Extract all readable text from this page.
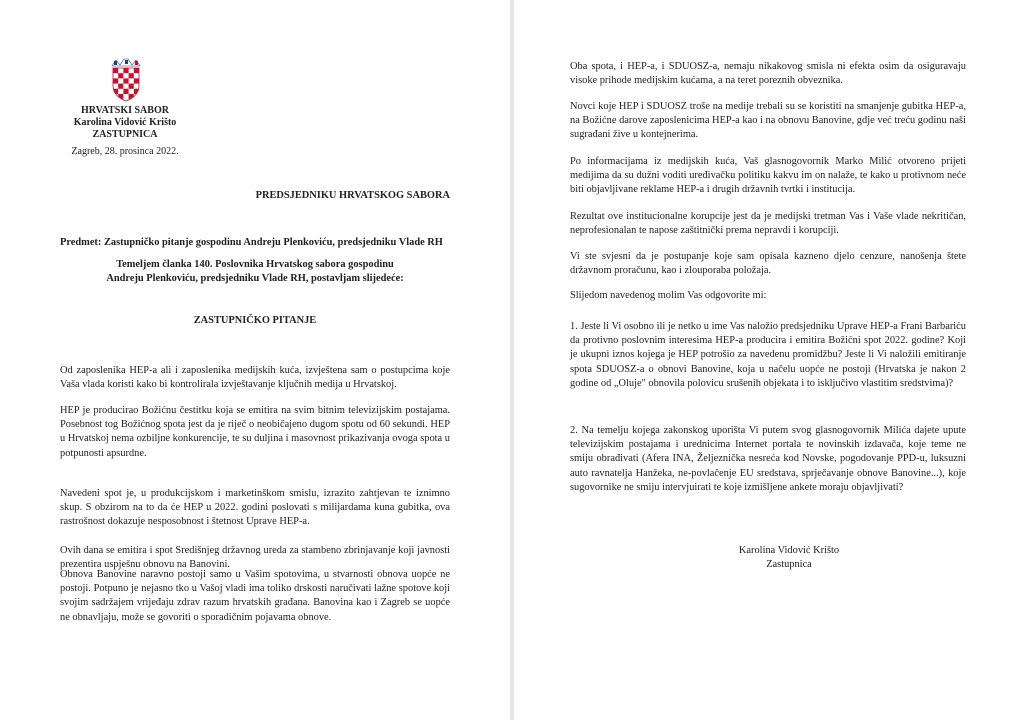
HRVATSKI SABOR
Karolina Vidović Krišto
ZASTUPNICA
Zagreb, 28. prosinca 2022.
PREDSJEDNIKU HRVATSKOG SABORA
Predmet: Zastupničko pitanje gospodinu Andreju Plenkoviću, predsjedniku Vlade RH
Temeljem članka 140. Poslovnika Hrvatskog sabora gospodinu
Andreju Plenkoviću, predsjedniku Vlade RH, postavljam slijedeće:
ZASTUPNIČKO PITANJE
Od zaposlenika HEP-a ali i zaposlenika medijskih kuća, izvještena sam o postupcima koje Vaša vlada koristi kako bi kontrolirala izvještavanje ključnih medija u Hrvatskoj.
HEP je producirao Božićnu čestitku koja se emitira na svim bitnim televizijskim postajama. Posebnost tog Božićnog spota jest da je riječ o neobičajeno dugom spotu od 60 sekundi. HEP u Hrvatskoj nema ozbiljne konkurencije, te su duljina i masovnost prikazivanja ovoga spota u potpunosti apsurdne.
Navedeni spot je, u produkcijskom i marketinškom smislu, izrazito zahtjevan te iznimno skup. S obzirom na to da će HEP u 2022. godini poslovati s milijardama kuna gubitka, ova rastrošnost dokazuje nesposobnost i štetnost Uprave HEP-a.
Ovih dana se emitira i spot Središnjeg državnog ureda za stambeno zbrinjavanje koji javnosti prezentira uspješnu obnovu na Banovini.
Obnova Banovine naravno postoji samo u Vašim spotovima, u stvarnosti obnova uopće ne postoji. Potpuno je nejasno tko u Vašoj vladi ima toliko drskosti naručivati lažne spotove koji svojim sadržajem vrijeđaju zdrav razum hrvatskih građana. Banovina kao i Zagreb se uopće ne obnavljaju, može se govoriti o sporadičnim pojavama obnove.
Oba spota, i HEP-a, i SDUOSZ-a, nemaju nikakovog smisla ni efekta osim da osiguravaju visoke prihode medijskim kućama, a na teret poreznih obveznika.
Novci koje HEP i SDUOSZ troše na medije trebali su se koristiti na smanjenje gubitka HEP-a, na Božićne darove zaposlenicima HEP-a kao i na obnovu Banovine, gdje već treću godinu naši sugrađani žive u kontejnerima.
Po informacijama iz medijskih kuća, Vaš glasnogovornik Marko Milić otvoreno prijeti medijima da su dužni voditi uređivačku politiku kakvu im on nalaže, te kako u protivnom neće biti objavljivane reklame HEP-a i drugih državnih tvrtki i institucija.
Rezultat ove institucionalne korupcije jest da je medijski tretman Vas i Vaše vlade nekritičan, neprofesionalan te napose zaštitnički prema nepravdi i korupciji.
Vi ste svjesni da je postupanje koje sam opisala kazneno djelo cenzure, nanošenja štete državnom proračunu, kao i zlouporaba položaja.
Slijedom navedenog molim Vas odgovorite mi:
1. Jeste li Vi osobno ili je netko u ime Vas naložio predsjedniku Uprave HEP-a Frani Barbariću da protivno poslovnim interesima HEP-a producira i emitira Božićni spot 2022. godine? Koji je ukupni iznos kojega je HEP potrošio za navedenu promidžbu? Jeste li Vi naložili emitiranje spota SDUOSZ-a o obnovi Banovine, koja u načelu uopće ne postoji (Hrvatska je nakon 2 godine od „Oluje" obnovila polovicu srušenih objekata i to isključivo vlastitim sredstvima)?
2. Na temelju kojega zakonskog uporišta Vi putem svog glasnogovornik Milića dajete upute televizijskim postajama i urednicima Internet portala te novinskih izdavača, koje teme ne smiju obrađivati (Afera INA, Željeznička nesreća kod Novske, pogodovanje PPD-u, luksuzni auto ravnatelja Hanžeka, ne-povlačenje EU sredstava, sprječavanje obnove Banovine...), koje sugovornike ne smiju intervjuirati te koje izmišljene ankete moraju objavljivati?
Karolina Vidović Krišto
Zastupnica
